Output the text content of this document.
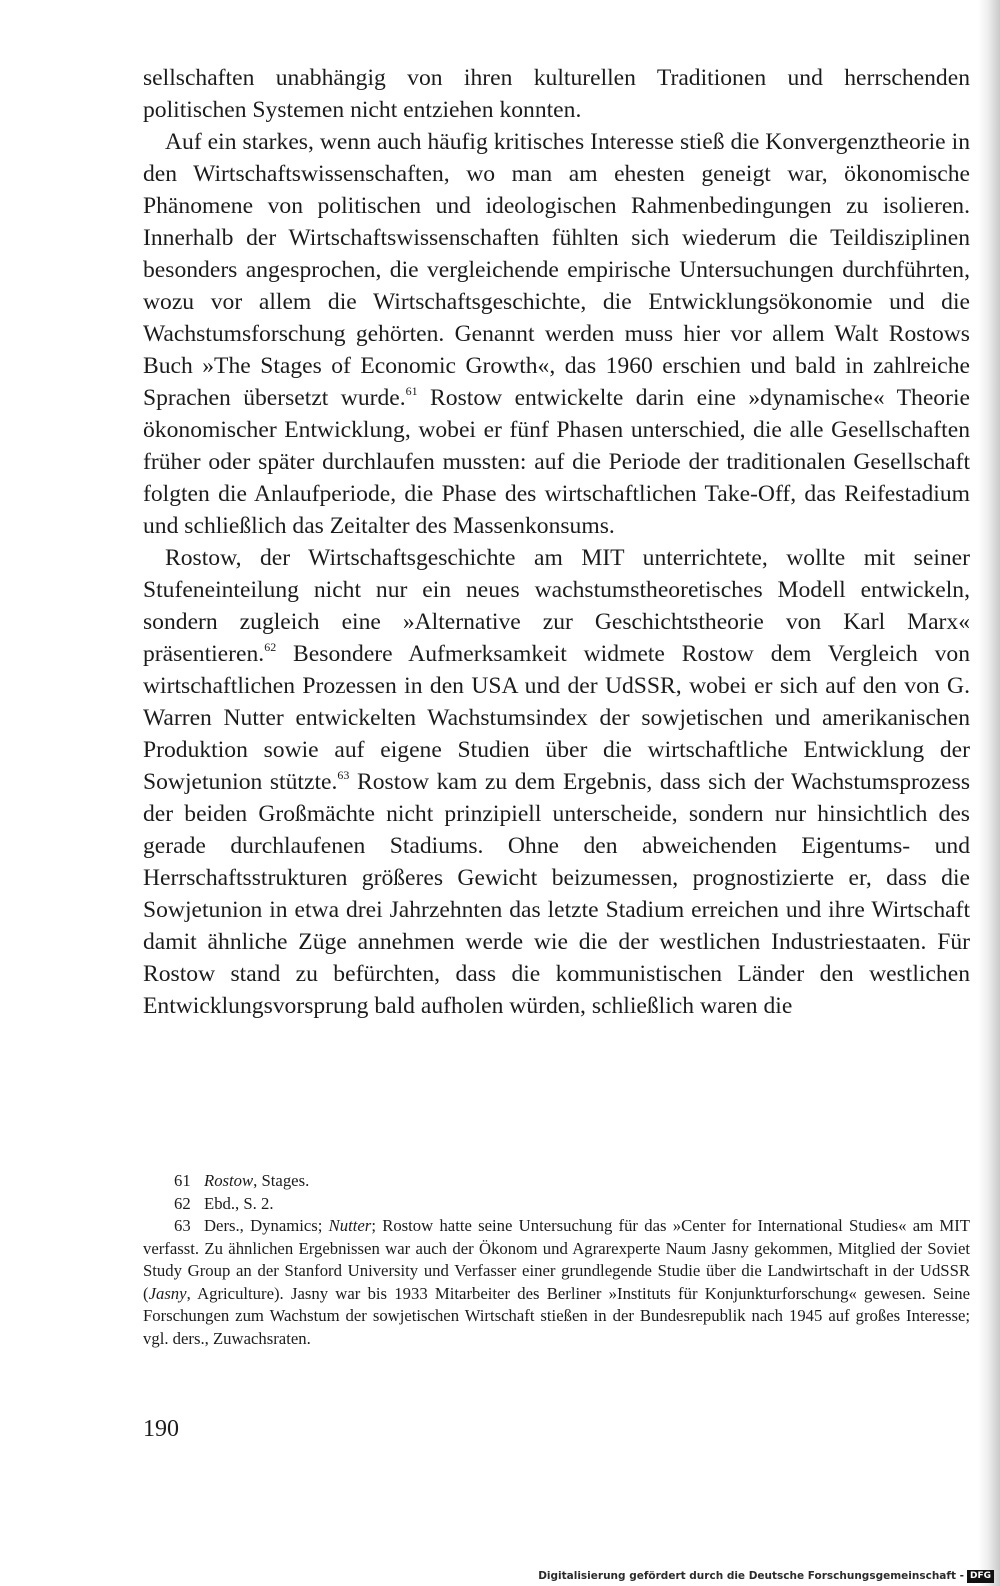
sellschaften unabhängig von ihren kulturellen Traditionen und herrschenden politischen Systemen nicht entziehen konnten.

Auf ein starkes, wenn auch häufig kritisches Interesse stieß die Konvergenztheorie in den Wirtschaftswissenschaften, wo man am ehesten geneigt war, ökonomische Phänomene von politischen und ideologischen Rahmenbedingungen zu isolieren. Innerhalb der Wirtschaftswissenschaften fühlten sich wiederum die Teildisziplinen besonders angesprochen, die vergleichende empirische Untersuchungen durchführten, wozu vor allem die Wirtschaftsgeschichte, die Entwicklungsökonomie und die Wachstumsforschung gehörten. Genannt werden muss hier vor allem Walt Rostows Buch »The Stages of Economic Growth«, das 1960 erschien und bald in zahlreiche Sprachen übersetzt wurde.$^{61}$ Rostow entwickelte darin eine »dynamische« Theorie ökonomischer Entwicklung, wobei er fünf Phasen unterschied, die alle Gesellschaften früher oder später durchlaufen mussten: auf die Periode der traditionalen Gesellschaft folgten die Anlaufperiode, die Phase des wirtschaftlichen Take-Off, das Reifestadium und schließlich das Zeitalter des Massenkonsums.

Rostow, der Wirtschaftsgeschichte am MIT unterrichtete, wollte mit seiner Stufeneinteilung nicht nur ein neues wachstumstheoretisches Modell entwickeln, sondern zugleich eine »Alternative zur Geschichtstheorie von Karl Marx« präsentieren.$^{62}$ Besondere Aufmerksamkeit widmete Rostow dem Vergleich von wirtschaftlichen Prozessen in den USA und der UdSSR, wobei er sich auf den von G. Warren Nutter entwickelten Wachstumsindex der sowjetischen und amerikanischen Produktion sowie auf eigene Studien über die wirtschaftliche Entwicklung der Sowjetunion stützte.$^{63}$ Rostow kam zu dem Ergebnis, dass sich der Wachstumsprozess der beiden Großmächte nicht prinzipiell unterscheide, sondern nur hinsichtlich des gerade durchlaufenen Stadiums. Ohne den abweichenden Eigentums- und Herrschaftsstrukturen größeres Gewicht beizumessen, prognostizierte er, dass die Sowjetunion in etwa drei Jahrzehnten das letzte Stadium erreichen und ihre Wirtschaft damit ähnliche Züge annehmen werde wie die der westlichen Industriestaaten. Für Rostow stand zu befürchten, dass die kommunistischen Länder den westlichen Entwicklungsvorsprung bald aufholen würden, schließlich waren die

61 Rostow, Stages.

62 Ebd., S. 2.

63 Ders., Dynamics; Nutter; Rostow hatte seine Untersuchung für das »Center for International Studies« am MIT verfasst. Zu ähnlichen Ergebnissen war auch der Ökonom und Agrarexperte Naum Jasny gekommen, Mitglied der Soviet Study Group an der Stanford University und Verfasser einer grundlegende Studie über die Landwirtschaft in der UdSSR (Jasny, Agriculture). Jasny war bis 1933 Mitarbeiter des Berliner »Instituts für Konjunkturforschung« gewesen. Seine Forschungen zum Wachstum der sowjetischen Wirtschaft stießen in der Bundesrepublik nach 1945 auf großes Interesse; vgl. ders., Zuwachsraten.

190
Digitalisierung gefördert durch die Deutsche Forschungsgemeinschaft - DFG
